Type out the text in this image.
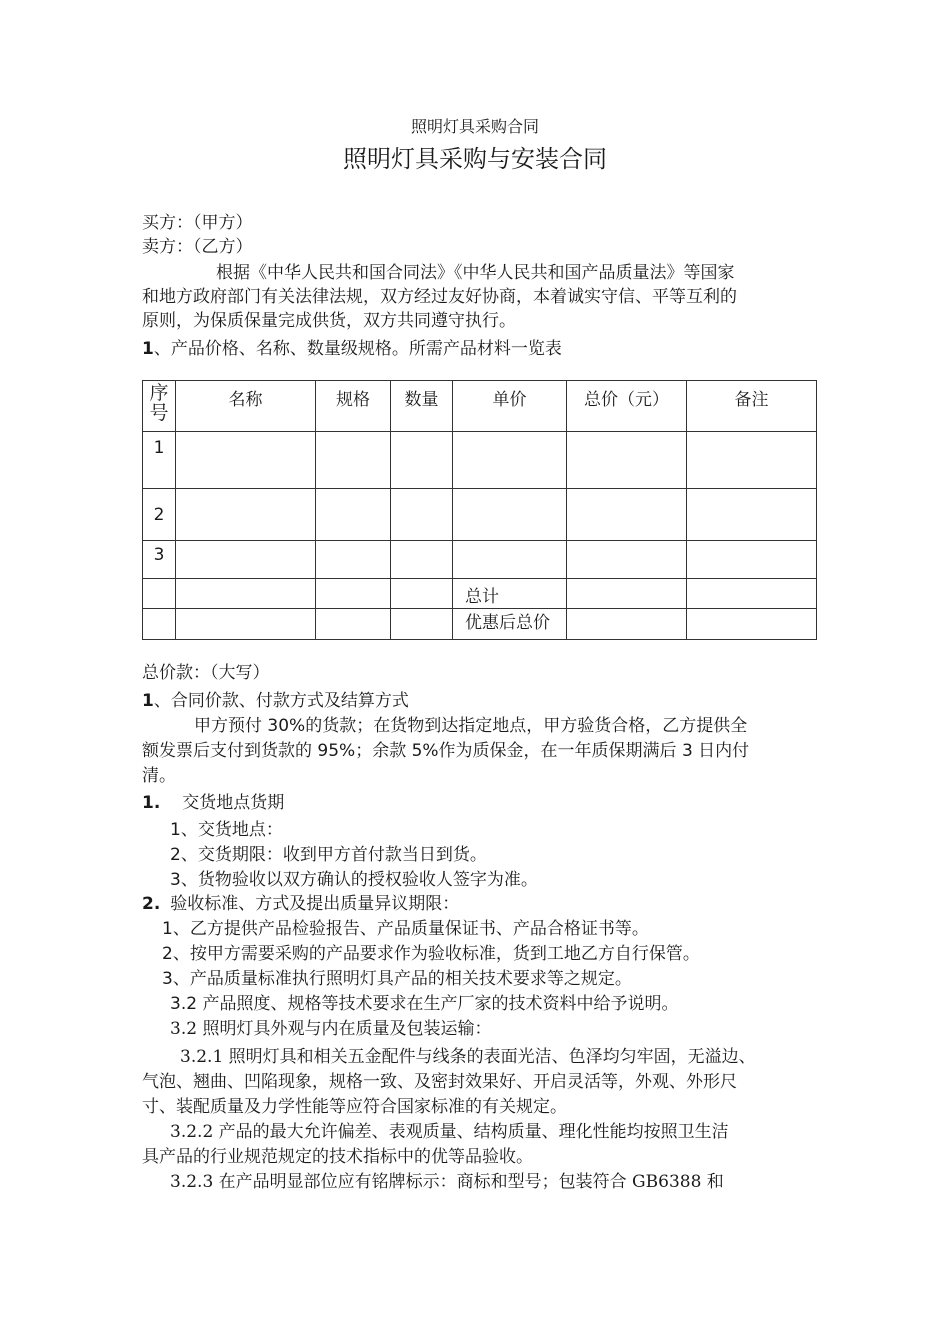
照明灯具采购合同
照明灯具采购与安装合同
买方：（甲方）
卖方：（乙方）
根据《中华人民共和国合同法》《中华人民共和国产品质量法》等国家
和地方政府部门有关法律法规，双方经过友好协商，本着诚实守信、平等互利的
原则，为保质保量完成供货，双方共同遵守执行。
1、产品价格、名称、数量级规格。所需产品材料一览表
序号	名称	规格	数量	单价	总价（元）	备注
1						
2						
3						
				总计		
				优惠后总价		
总价款：（大写）
1、合同价款、付款方式及结算方式
甲方预付 30%的货款；在货物到达指定地点，甲方验货合格，乙方提供全
额发票后支付到货款的 95%；余款 5%作为质保金，在一年质保期满后 3 日内付
清。
1. 交货地点货期
1、交货地点：
2、交货期限：收到甲方首付款当日到货。
3、货物验收以双方确认的授权验收人签字为准。
2. 验收标准、方式及提出质量异议期限：
1、乙方提供产品检验报告、产品质量保证书、产品合格证书等。
2、按甲方需要采购的产品要求作为验收标准，货到工地乙方自行保管。
3、产品质量标准执行照明灯具产品的相关技术要求等之规定。
3.2 产品照度、规格等技术要求在生产厂家的技术资料中给予说明。
3.2 照明灯具外观与内在质量及包装运输：
3.2.1 照明灯具和相关五金配件与线条的表面光洁、色泽均匀牢固，无溢边、
气泡、翘曲、凹陷现象，规格一致、及密封效果好、开启灵活等，外观、外形尺
寸、装配质量及力学性能等应符合国家标准的有关规定。
3.2.2 产品的最大允许偏差、表观质量、结构质量、理化性能均按照卫生洁
具产品的行业规范规定的技术指标中的优等品验收。
3.2.3 在产品明显部位应有铭牌标示：商标和型号；包装符合 GB6388 和
